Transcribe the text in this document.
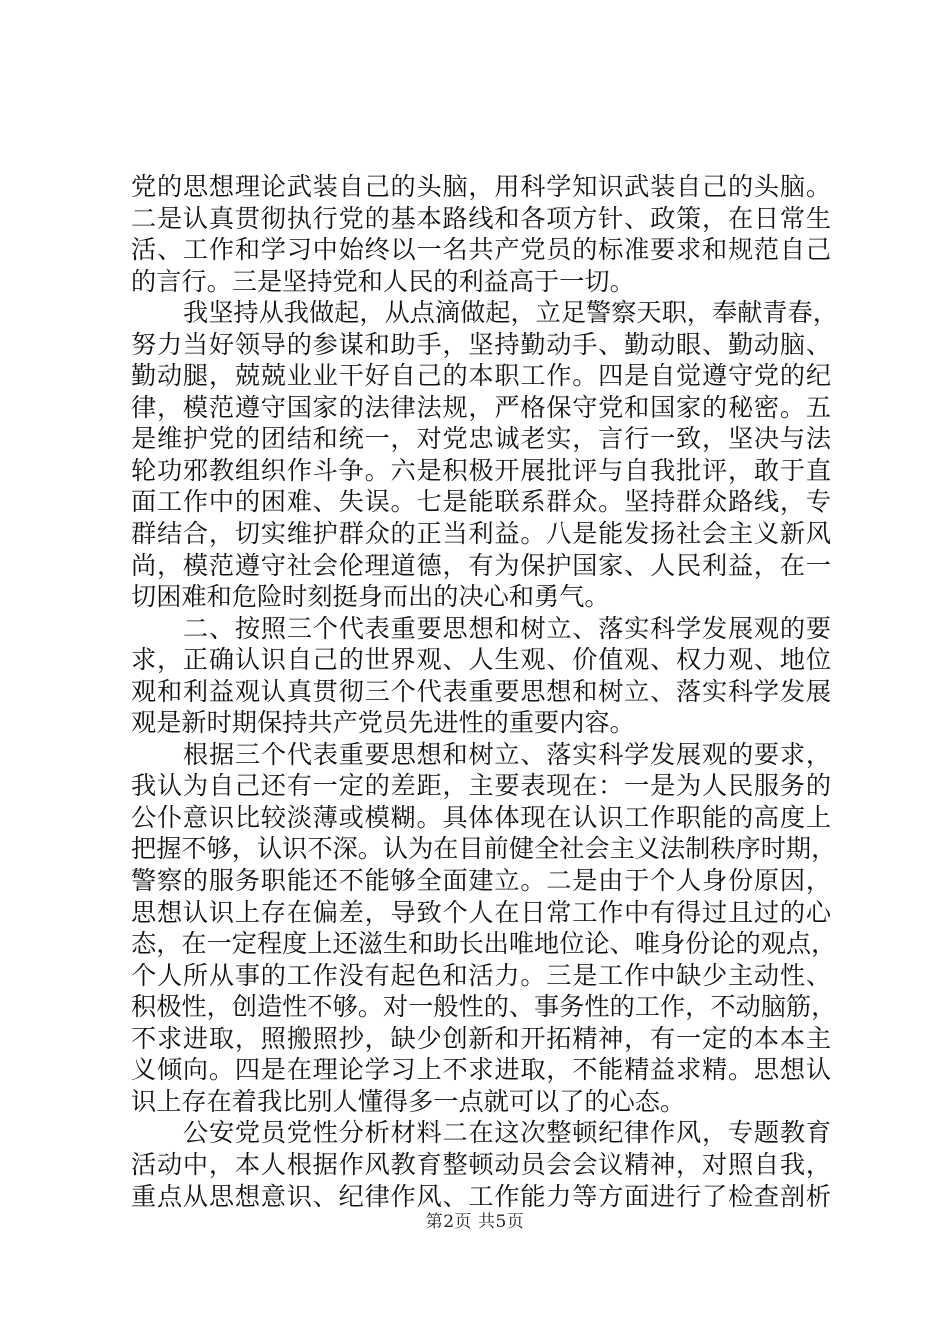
党的思想理论武装自己的头脑，用科学知识武装自己的头脑。
二是认真贯彻执行党的基本路线和各项方针、政策，在日常生
活、工作和学习中始终以一名共产党员的标准要求和规范自己
的言行。三是坚持党和人民的利益高于一切。
我坚持从我做起，从点滴做起，立足警察天职，奉献青春，
努力当好领导的参谋和助手，坚持勤动手、勤动眼、勤动脑、
勤动腿，兢兢业业干好自己的本职工作。四是自觉遵守党的纪
律，模范遵守国家的法律法规，严格保守党和国家的秘密。五
是维护党的团结和统一，对党忠诚老实，言行一致，坚决与法
轮功邪教组织作斗争。六是积极开展批评与自我批评，敢于直
面工作中的困难、失误。七是能联系群众。坚持群众路线，专
群结合，切实维护群众的正当利益。八是能发扬社会主义新风
尚，模范遵守社会伦理道德，有为保护国家、人民利益，在一
切困难和危险时刻挺身而出的决心和勇气。
二、按照三个代表重要思想和树立、落实科学发展观的要
求，正确认识自己的世界观、人生观、价值观、权力观、地位
观和利益观认真贯彻三个代表重要思想和树立、落实科学发展
观是新时期保持共产党员先进性的重要内容。
根据三个代表重要思想和树立、落实科学发展观的要求，
我认为自己还有一定的差距，主要表现在：一是为人民服务的
公仆意识比较淡薄或模糊。具体体现在认识工作职能的高度上
把握不够，认识不深。认为在目前健全社会主义法制秩序时期，
警察的服务职能还不能够全面建立。二是由于个人身份原因，
思想认识上存在偏差，导致个人在日常工作中有得过且过的心
态，在一定程度上还滋生和助长出唯地位论、唯身份论的观点，
个人所从事的工作没有起色和活力。三是工作中缺少主动性、
积极性，创造性不够。对一般性的、事务性的工作，不动脑筋，
不求进取，照搬照抄，缺少创新和开拓精神，有一定的本本主
义倾向。四是在理论学习上不求进取，不能精益求精。思想认
识上存在着我比别人懂得多一点就可以了的心态。
公安党员党性分析材料二在这次整顿纪律作风，专题教育
活动中，本人根据作风教育整顿动员会会议精神，对照自我，
重点从思想意识、纪律作风、工作能力等方面进行了检查剖析
第2页 共5页
